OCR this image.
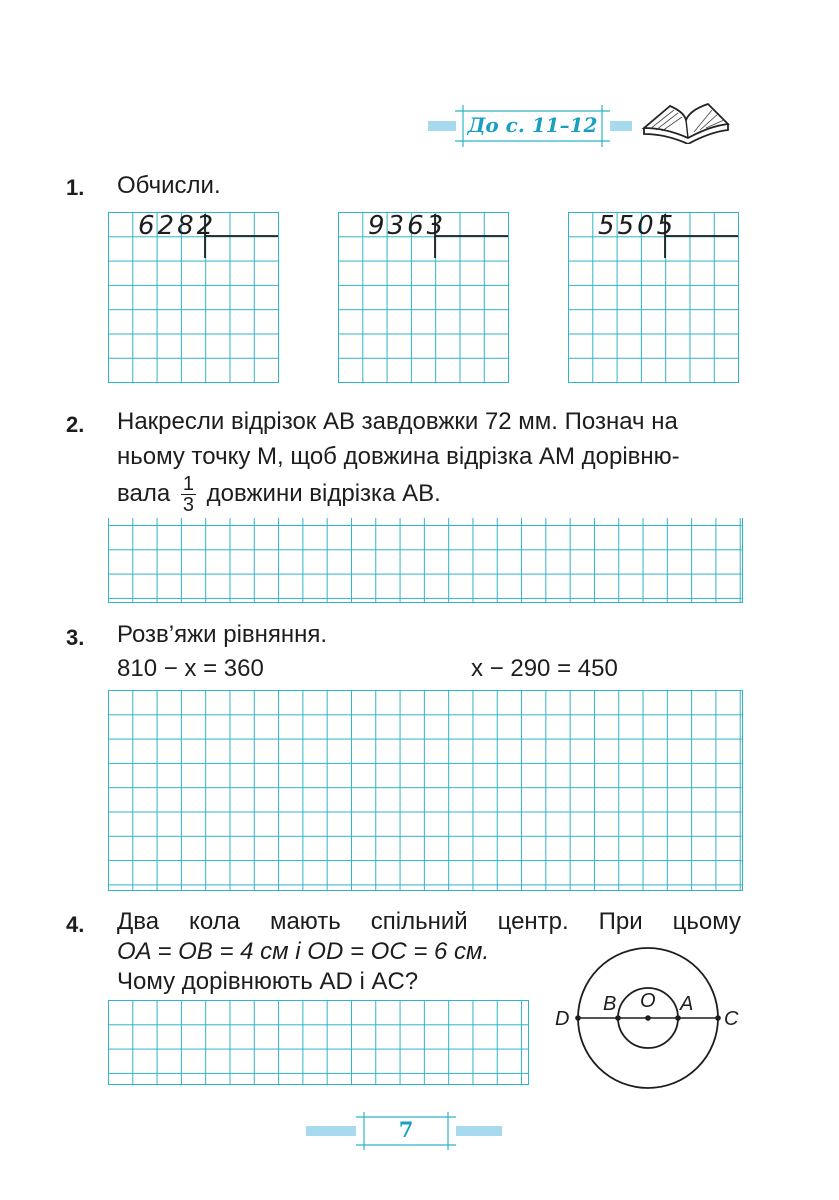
До с. 11–12
1. Обчисли.
6282	9363	5505
2. Накресли відрізок AB завдовжки 72 мм. Познач на
ньому точку M, щоб довжина відрізка AM дорівню-
вала $\frac{1}{3}$ довжини відрізка AB.
3. Розв’яжи рівняння.
810 − x = 360	x − 290 = 450
4. Два кола мають спільний центр. При цьому
OA = OB = 4 см і OD = OC = 6 см.
Чому дорівнюють AD і AC?
D
B O A
C
7
